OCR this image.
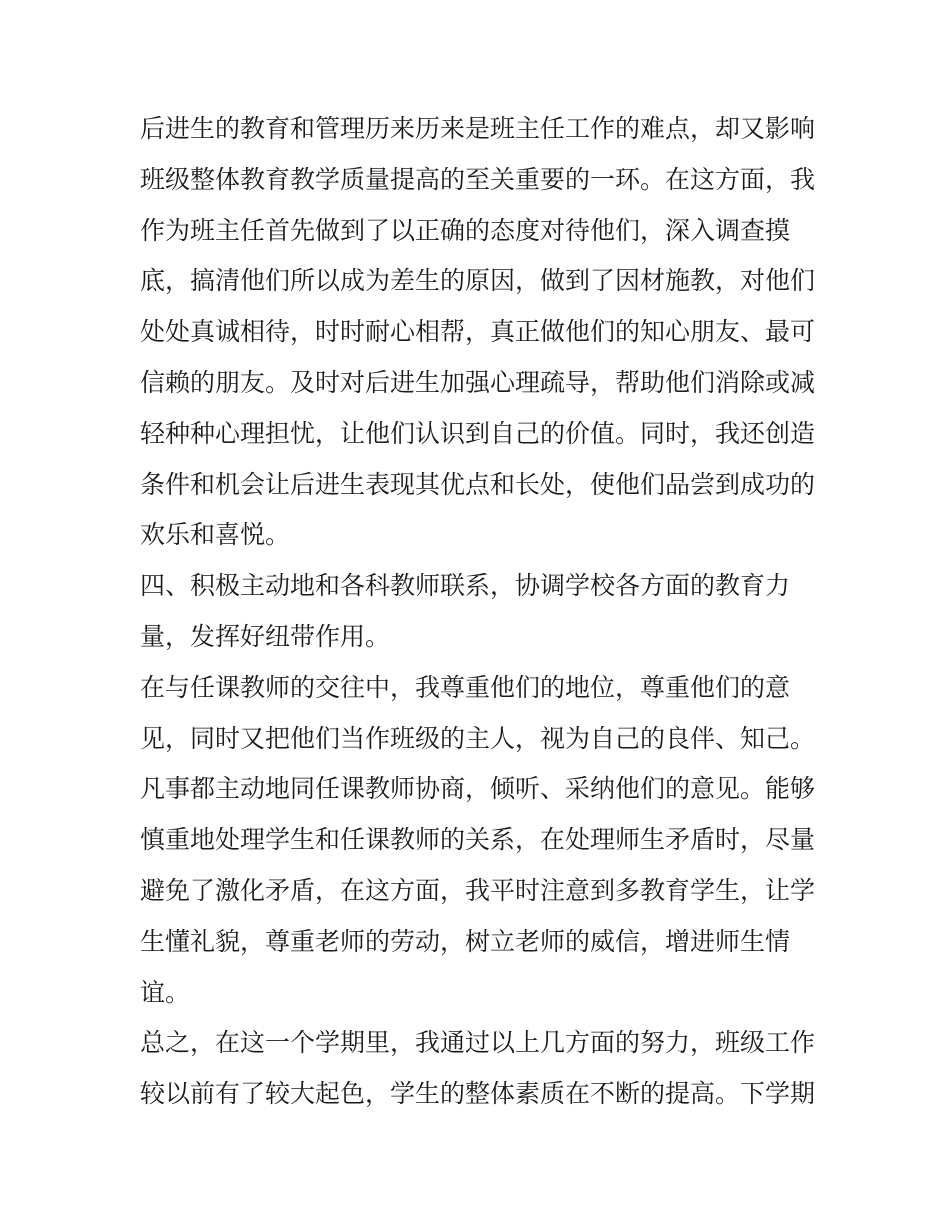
后进生的教育和管理历来历来是班主任工作的难点，却又影响
班级整体教育教学质量提高的至关重要的一环。在这方面，我
作为班主任首先做到了以正确的态度对待他们，深入调查摸
底，搞清他们所以成为差生的原因，做到了因材施教，对他们
处处真诚相待，时时耐心相帮，真正做他们的知心朋友、最可
信赖的朋友。及时对后进生加强心理疏导，帮助他们消除或减
轻种种心理担忧，让他们认识到自己的价值。同时，我还创造
条件和机会让后进生表现其优点和长处，使他们品尝到成功的
欢乐和喜悦。
四、积极主动地和各科教师联系，协调学校各方面的教育力
量，发挥好纽带作用。
在与任课教师的交往中，我尊重他们的地位，尊重他们的意
见，同时又把他们当作班级的主人，视为自己的良伴、知己。
凡事都主动地同任课教师协商，倾听、采纳他们的意见。能够
慎重地处理学生和任课教师的关系，在处理师生矛盾时，尽量
避免了激化矛盾，在这方面，我平时注意到多教育学生，让学
生懂礼貌，尊重老师的劳动，树立老师的威信，增进师生情
谊。
总之，在这一个学期里，我通过以上几方面的努力，班级工作
较以前有了较大起色，学生的整体素质在不断的提高。下学期
